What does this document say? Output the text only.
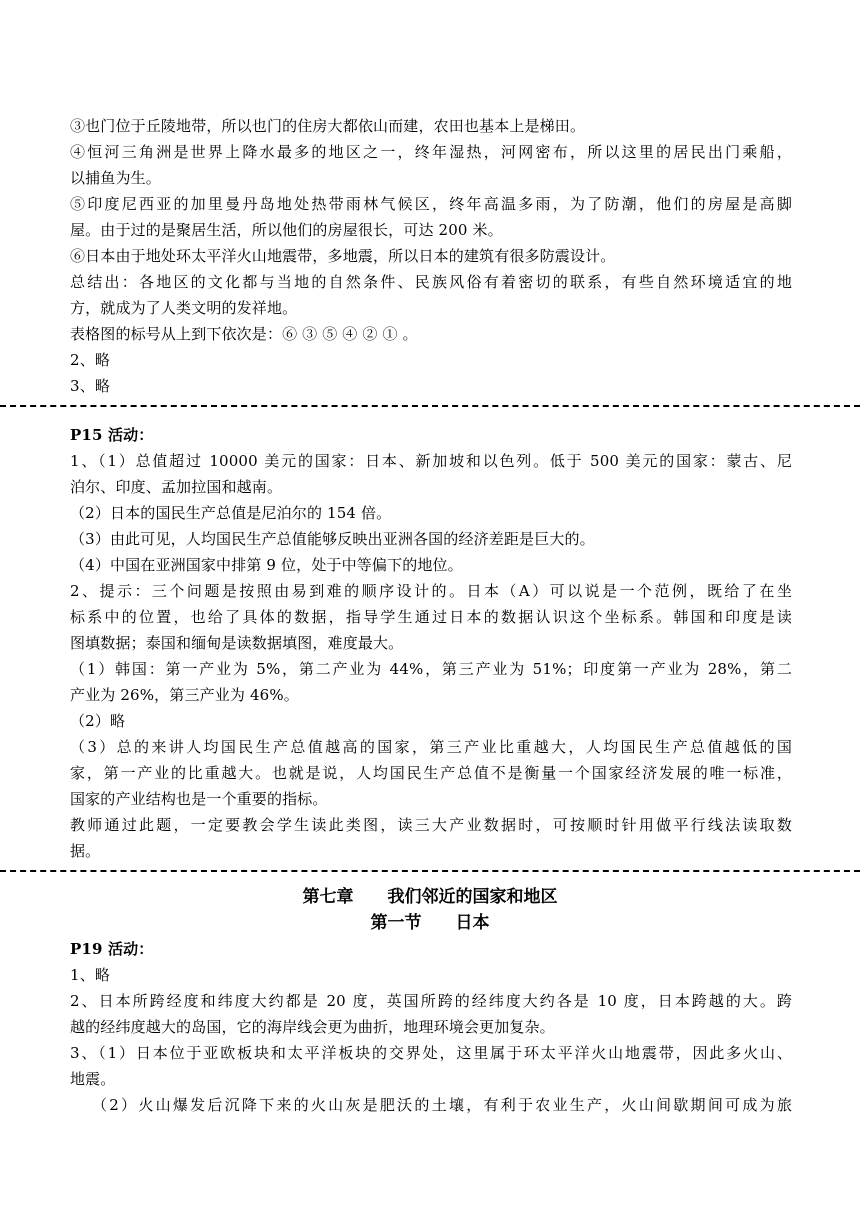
③也门位于丘陵地带，所以也门的住房大都依山而建，农田也基本上是梯田。
④恒河三角洲是世界上降水最多的地区之一，终年湿热，河网密布，所以这里的居民出门乘船，
以捕鱼为生。
⑤印度尼西亚的加里曼丹岛地处热带雨林气候区，终年高温多雨，为了防潮，他们的房屋是高脚
屋。由于过的是聚居生活，所以他们的房屋很长，可达 200 米。
⑥日本由于地处环太平洋火山地震带，多地震，所以日本的建筑有很多防震设计。
总结出：各地区的文化都与当地的自然条件、民族风俗有着密切的联系，有些自然环境适宜的地
方，就成为了人类文明的发祥地。
表格图的标号从上到下依次是：⑥ ③ ⑤ ④ ② ① 。
2、略
3、略
P15 活动：
1、（1）总值超过 10000 美元的国家：日本、新加坡和以色列。低于 500 美元的国家：蒙古、尼
泊尔、印度、孟加拉国和越南。
（2）日本的国民生产总值是尼泊尔的 154 倍。
（3）由此可见，人均国民生产总值能够反映出亚洲各国的经济差距是巨大的。
（4）中国在亚洲国家中排第 9 位，处于中等偏下的地位。
2、提示：三个问题是按照由易到难的顺序设计的。日本（A）可以说是一个范例，既给了在坐
标系中的位置，也给了具体的数据，指导学生通过日本的数据认识这个坐标系。韩国和印度是读
图填数据；泰国和缅甸是读数据填图，难度最大。
（1）韩国：第一产业为 5%，第二产业为 44%，第三产业为 51%；印度第一产业为 28%，第二
产业为 26%，第三产业为 46%。
（2）略
（3）总的来讲人均国民生产总值越高的国家，第三产业比重越大，人均国民生产总值越低的国
家，第一产业的比重越大。也就是说，人均国民生产总值不是衡量一个国家经济发展的唯一标准，
国家的产业结构也是一个重要的指标。
教师通过此题，一定要教会学生读此类图，读三大产业数据时，可按顺时针用做平行线法读取数
据。
第七章 我们邻近的国家和地区
第一节 日本
P19 活动：
1、略
2、日本所跨经度和纬度大约都是 20 度，英国所跨的经纬度大约各是 10 度，日本跨越的大。跨
越的经纬度越大的岛国，它的海岸线会更为曲折，地理环境会更加复杂。
3、（1）日本位于亚欧板块和太平洋板块的交界处，这里属于环太平洋火山地震带，因此多火山、
地震。
（2）火山爆发后沉降下来的火山灰是肥沃的土壤，有利于农业生产，火山间歇期间可成为旅
